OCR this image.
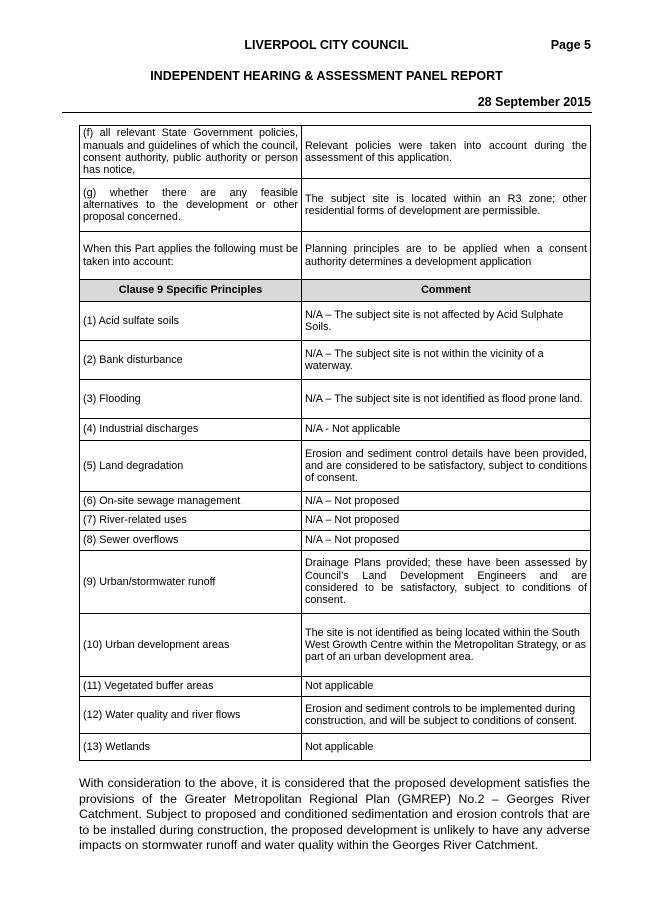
LIVERPOOL CITY COUNCIL	Page 5
INDEPENDENT HEARING & ASSESSMENT PANEL REPORT
28 September 2015
(f) all relevant State Government policies, manuals and guidelines of which the council, consent authority, public authority or person has notice,	Relevant policies were taken into account during the assessment of this application.
(g) whether there are any feasible alternatives to the development or other proposal concerned.	The subject site is located within an R3 zone; other residential forms of development are permissible.
When this Part applies the following must be taken into account:	Planning principles are to be applied when a consent authority determines a development application
Clause 9 Specific Principles	Comment
(1) Acid sulfate soils	N/A – The subject site is not affected by Acid Sulphate Soils.
(2) Bank disturbance	N/A – The subject site is not within the vicinity of a waterway.
(3) Flooding	N/A – The subject site is not identified as flood prone land.
(4) Industrial discharges	N/A - Not applicable
(5) Land degradation	Erosion and sediment control details have been provided, and are considered to be satisfactory, subject to conditions of consent.
(6) On-site sewage management	N/A – Not proposed
(7) River-related uses	N/A – Not proposed
(8) Sewer overflows	N/A – Not proposed
(9) Urban/stormwater runoff	Drainage Plans provided; these have been assessed by Council’s Land Development Engineers and are considered to be satisfactory, subject to conditions of consent.
(10) Urban development areas	The site is not identified as being located within the South West Growth Centre within the Metropolitan Strategy, or as part of an urban development area.
(11) Vegetated buffer areas	Not applicable
(12) Water quality and river flows	Erosion and sediment controls to be implemented during construction, and will be subject to conditions of consent.
(13) Wetlands	Not applicable

With consideration to the above, it is considered that the proposed development satisfies the provisions of the Greater Metropolitan Regional Plan (GMREP) No.2 – Georges River Catchment. Subject to proposed and conditioned sedimentation and erosion controls that are to be installed during construction, the proposed development is unlikely to have any adverse impacts on stormwater runoff and water quality within the Georges River Catchment.
